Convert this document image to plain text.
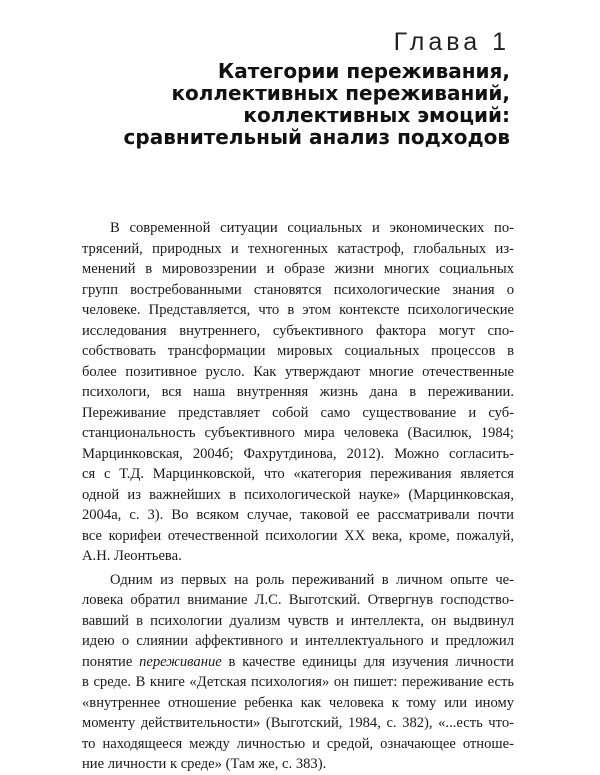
Глава 1
Категории переживания,
коллективных переживаний,
коллективных эмоций:
сравнительный анализ подходов
В современной ситуации социальных и экономических по-
трясений, природных и техногенных катастроф, глобальных из-
менений в мировоззрении и образе жизни многих социальных
групп востребованными становятся психологические знания о
человеке. Представляется, что в этом контексте психологические
исследования внутреннего, субъективного фактора могут спо-
собствовать трансформации мировых социальных процессов в
более позитивное русло. Как утверждают многие отечественные
психологи, вся наша внутренняя жизнь дана в переживании.
Переживание представляет собой само существование и суб-
станциональность субъективного мира человека (Василюк, 1984;
Марцинковская, 2004б; Фахрутдинова, 2012). Можно согласить-
ся с Т.Д. Марцинковской, что «категория переживания является
одной из важнейших в психологической науке» (Марцинковская,
2004а, с. 3). Во всяком случае, таковой ее рассматривали почти
все корифеи отечественной психологии XX века, кроме, пожалуй,
А.Н. Леонтьева.
Одним из первых на роль переживаний в личном опыте че-
ловека обратил внимание Л.С. Выготский. Отвергнув господство-
вавший в психологии дуализм чувств и интеллекта, он выдвинул
идею о слиянии аффективного и интеллектуального и предложил
понятие переживание в качестве единицы для изучения личности
в среде. В книге «Детская психология» он пишет: переживание есть
«внутреннее отношение ребенка как человека к тому или иному
моменту действительности» (Выготский, 1984, с. 382), «...есть что-
то находящееся между личностью и средой, означающее отноше-
ние личности к среде» (Там же, с. 383).
